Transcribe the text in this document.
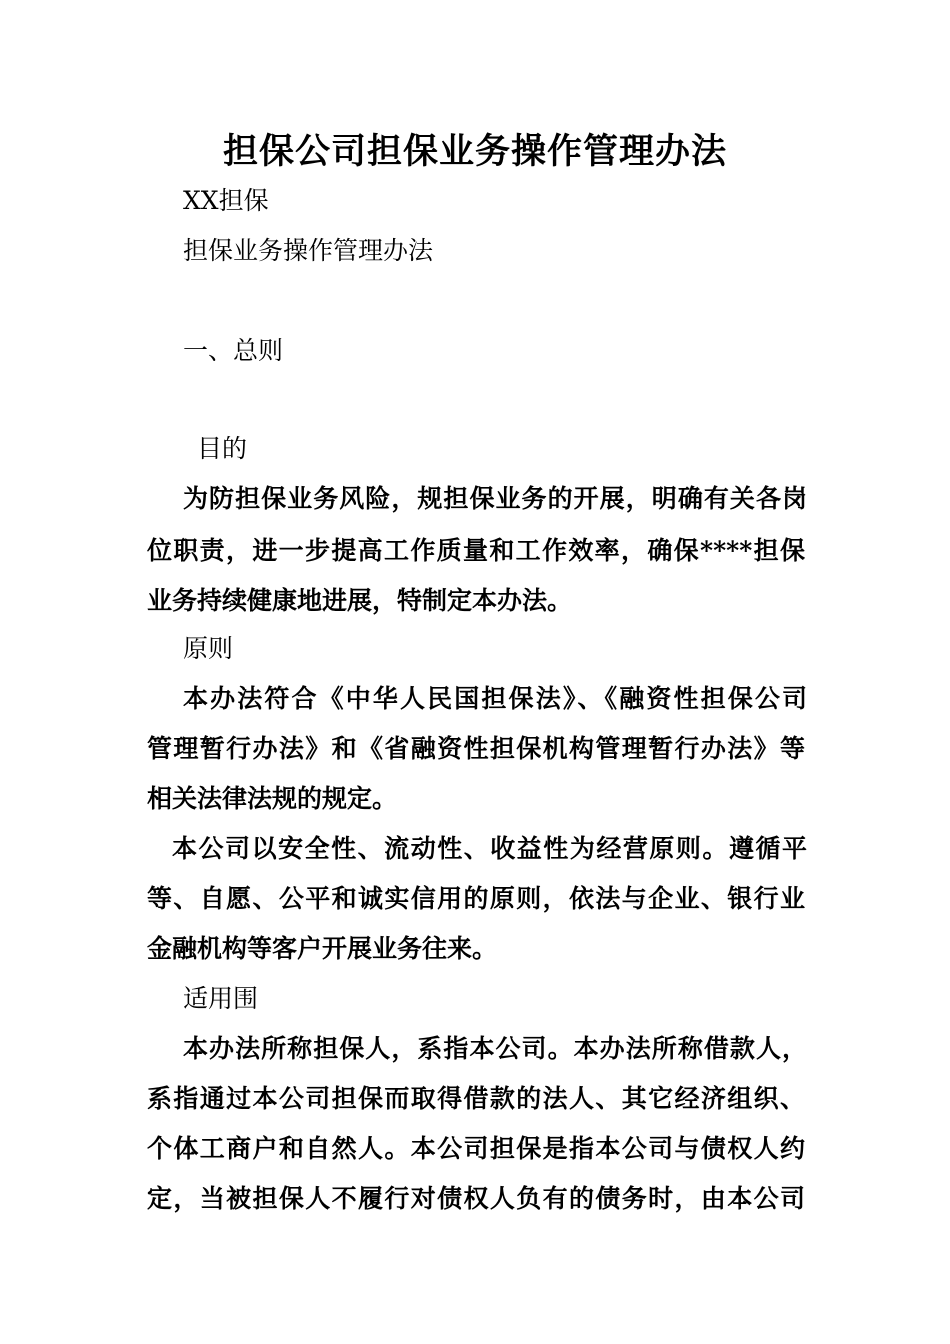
担保公司担保业务操作管理办法
XX担保
担保业务操作管理办法
一、总则
目的
为防担保业务风险，规担保业务的开展，明确有关各岗
位职责，进一步提高工作质量和工作效率，确保****担保
业务持续健康地进展，特制定本办法。
原则
本办法符合《中华人民国担保法》、《融资性担保公司
管理暂行办法》和《省融资性担保机构管理暂行办法》等
相关法律法规的规定。
本公司以安全性、流动性、收益性为经营原则。遵循平
等、自愿、公平和诚实信用的原则，依法与企业、银行业
金融机构等客户开展业务往来。
适用围
本办法所称担保人，系指本公司。本办法所称借款人，
系指通过本公司担保而取得借款的法人、其它经济组织、
个体工商户和自然人。本公司担保是指本公司与债权人约
定，当被担保人不履行对债权人负有的债务时，由本公司
